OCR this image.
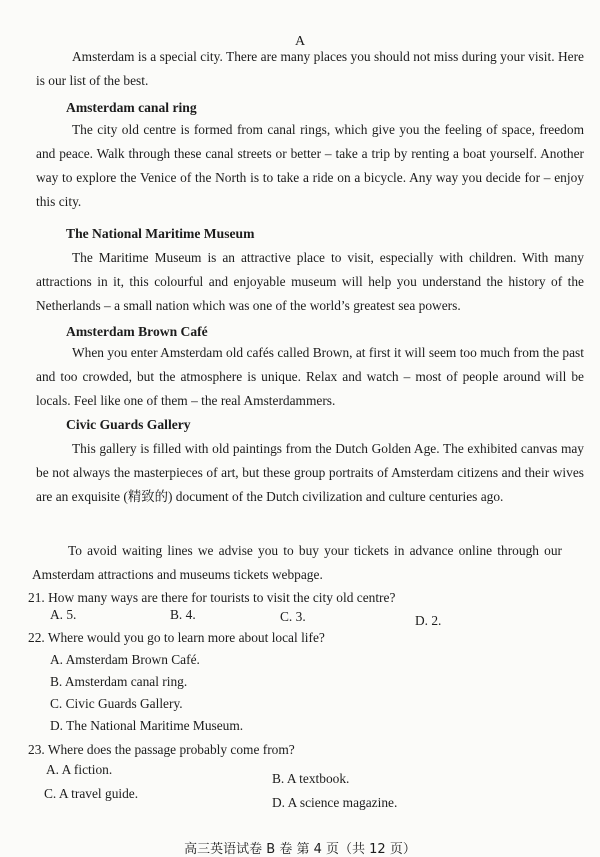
A

Amsterdam is a special city. There are many places you should not miss during your visit. Here is our list of the best.

Amsterdam canal ring

The city old centre is formed from canal rings, which give you the feeling of space, freedom and peace. Walk through these canal streets or better – take a trip by renting a boat yourself. Another way to explore the Venice of the North is to take a ride on a bicycle. Any way you decide for – enjoy this city.

The National Maritime Museum

The Maritime Museum is an attractive place to visit, especially with children. With many attractions in it, this colourful and enjoyable museum will help you understand the history of the Netherlands – a small nation which was one of the world’s greatest sea powers.

Amsterdam Brown Café

When you enter Amsterdam old cafés called Brown, at first it will seem too much from the past and too crowded, but the atmosphere is unique. Relax and watch – most of people around will be locals. Feel like one of them – the real Amsterdammers.

Civic Guards Gallery

This gallery is filled with old paintings from the Dutch Golden Age. The exhibited canvas may be not always the masterpieces of art, but these group portraits of Amsterdam citizens and their wives are an exquisite (精致的) document of the Dutch civilization and culture centuries ago.

To avoid waiting lines we advise you to buy your tickets in advance online through our Amsterdam attractions and museums tickets webpage.

21. How many ways are there for tourists to visit the city old centre?

A. 5.	B. 4.	C. 3.	D. 2.

22. Where would you go to learn more about local life?

A. Amsterdam Brown Café.

B. Amsterdam canal ring.

C. Civic Guards Gallery.

D. The National Maritime Museum.

23. Where does the passage probably come from?

A. A fiction.

B. A textbook.

C. A travel guide.

D. A science magazine.

高三英语试卷 B 卷 第 4 页（共 12 页）
